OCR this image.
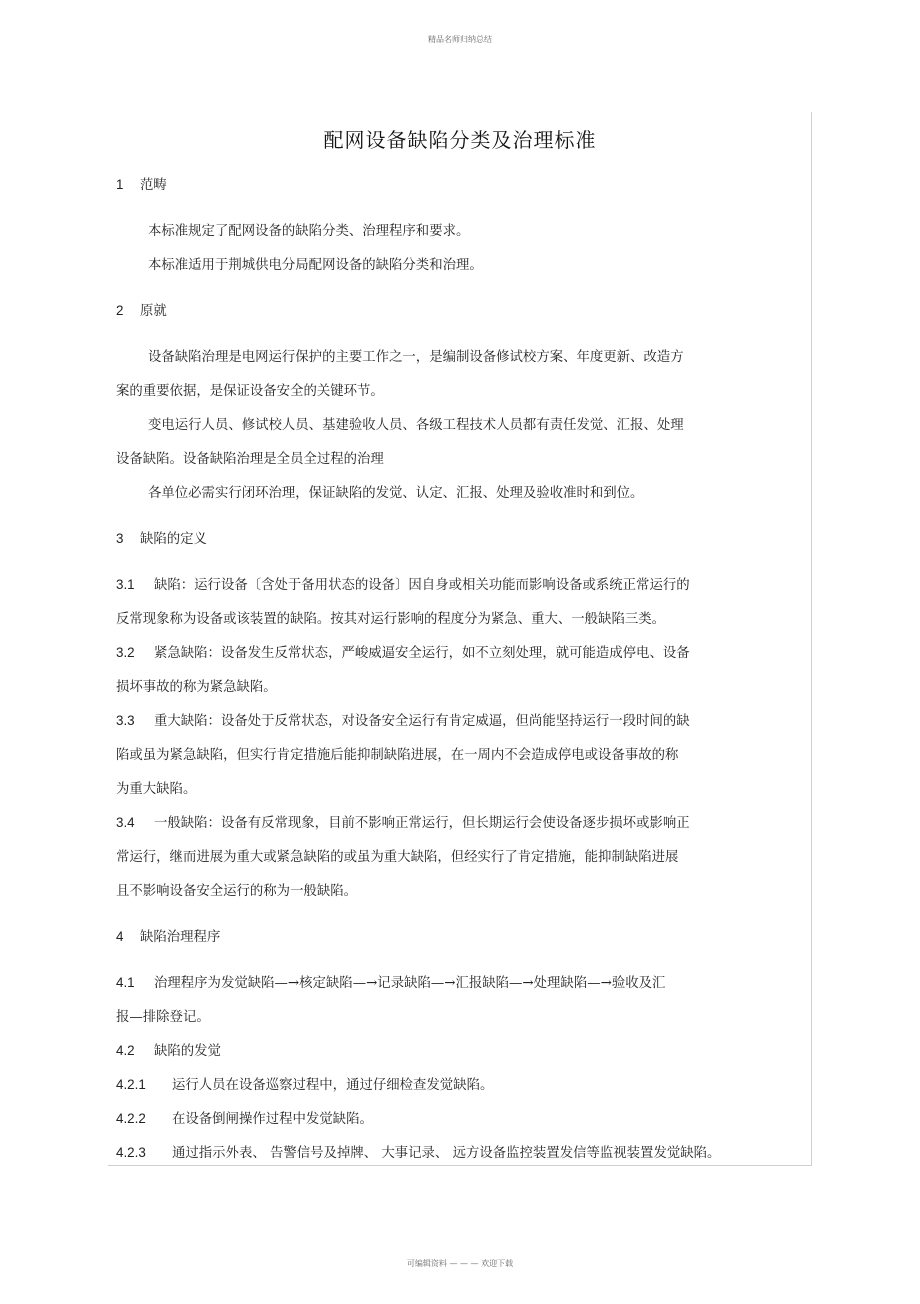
精品名师归纳总结
配网设备缺陷分类及治理标准
1 范畴
本标准规定了配网设备的缺陷分类、治理程序和要求。
本标准适用于荆城供电分局配网设备的缺陷分类和治理。
2 原就
设备缺陷治理是电网运行保护的主要工作之一，是编制设备修试校方案、年度更新、改造方
案的重要依据，是保证设备安全的关键环节。
变电运行人员、修试校人员、基建验收人员、各级工程技术人员都有责任发觉、汇报、处理
设备缺陷。设备缺陷治理是全员全过程的治理
各单位必需实行闭环治理，保证缺陷的发觉、认定、汇报、处理及验收准时和到位。
3 缺陷的定义
3.1 缺陷：运行设备〔含处于备用状态的设备〕因自身或相关功能而影响设备或系统正常运行的
反常现象称为设备或该装置的缺陷。按其对运行影响的程度分为紧急、重大、一般缺陷三类。
3.2 紧急缺陷：设备发生反常状态，严峻威逼安全运行，如不立刻处理，就可能造成停电、设备
损坏事故的称为紧急缺陷。
3.3 重大缺陷：设备处于反常状态，对设备安全运行有肯定威逼，但尚能坚持运行一段时间的缺
陷或虽为紧急缺陷，但实行肯定措施后能抑制缺陷进展，在一周内不会造成停电或设备事故的称
为重大缺陷。
3.4 一般缺陷：设备有反常现象，目前不影响正常运行，但长期运行会使设备逐步损坏或影响正
常运行，继而进展为重大或紧急缺陷的或虽为重大缺陷，但经实行了肯定措施，能抑制缺陷进展
且不影响设备安全运行的称为一般缺陷。
4 缺陷治理程序
4.1 治理程序为发觉缺陷—→核定缺陷—→记录缺陷—→汇报缺陷—→处理缺陷—→验收及汇
报—排除登记。
4.2 缺陷的发觉
4.2.1 运行人员在设备巡察过程中，通过仔细检查发觉缺陷。
4.2.2 在设备倒闸操作过程中发觉缺陷。
4.2.3 通过指示外表、 告警信号及掉牌、 大事记录、 远方设备监控装置发信等监视装置发觉缺陷。
可编辑资料 — — — 欢迎下载
